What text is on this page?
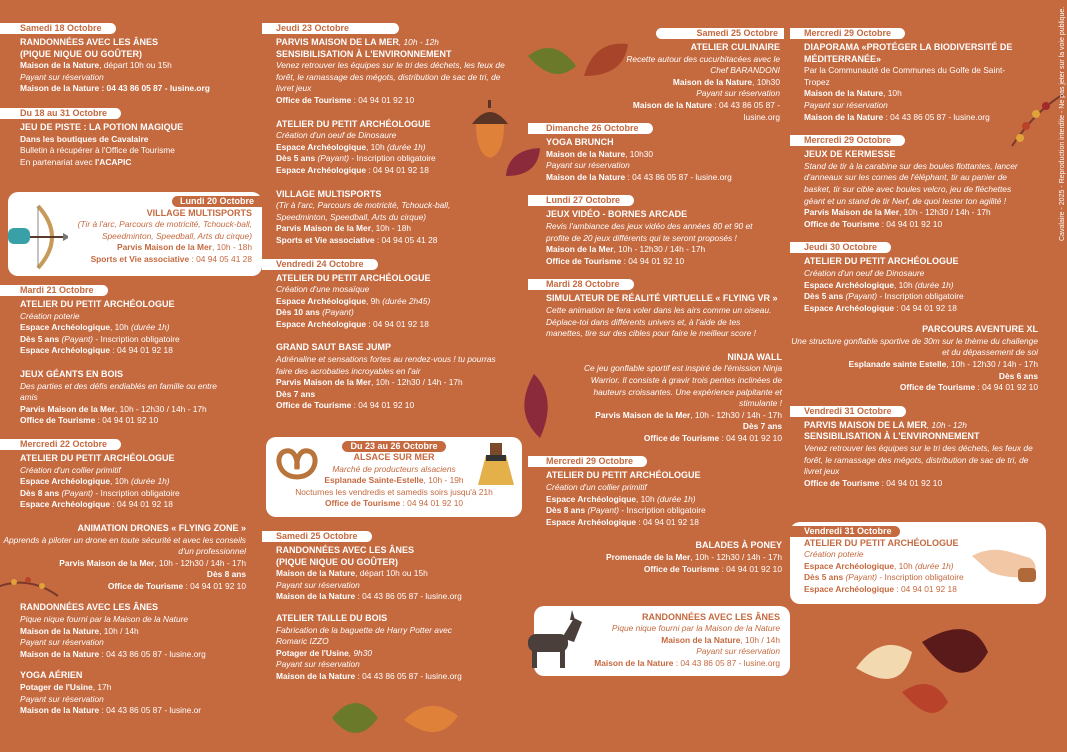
Samedi 18 Octobre
RANDONNÉES AVEC LES ÂNES
(PIQUE NIQUE OU GOÛTER)
Maison de la Nature, départ 10h ou 15h
Payant sur réservation
Maison de la Nature : 04 43 86 05 87 - lusine.org
Du 18 au 31 Octobre
JEU DE PISTE : LA POTION MAGIQUE
Dans les boutiques de Cavalaire
Bulletin à récupérer à l'Office de Tourisme
En partenariat avec l'ACAPIC
Lundi 20 Octobre
VILLAGE MULTISPORTS
(Tir à l'arc, Parcours de motricité, Tchouck-ball, Speedminton, Speedball, Arts du cirque)
Parvis Maison de la Mer, 10h - 18h
Sports et Vie associative : 04 94 05 41 28
Mardi 21 Octobre
ATELIER DU PETIT ARCHÉOLOGUE
Création poterie
Espace Archéologique, 10h (durée 1h)
Dès 5 ans (Payant) - Inscription obligatoire
Espace Archéologique : 04 94 01 92 18
JEUX GÉANTS EN BOIS
Des parties et des défis endiablés en famille ou entre amis
Parvis Maison de la Mer, 10h - 12h30 / 14h - 17h
Office de Tourisme : 04 94 01 92 10
Mercredi 22 Octobre
ATELIER DU PETIT ARCHÉOLOGUE
Création d'un collier primitif
Espace Archéologique, 10h (durée 1h)
Dès 8 ans (Payant) - Inscription obligatoire
Espace Archéologique : 04 94 01 92 18
ANIMATION DRONES « FLYING ZONE »
Apprends à piloter un drone en toute sécurité et avec les conseils d'un professionnel
Parvis Maison de la Mer, 10h - 12h30 / 14h - 17h
Dès 8 ans
Office de Tourisme : 04 94 01 92 10
RANDONNÉES AVEC LES ÂNES
Pique nique fourni par la Maison de la Nature
Maison de la Nature, 10h / 14h
Payant sur réservation
Maison de la Nature : 04 43 86 05 87 - lusine.org
YOGA AÉRIEN
Potager de l'Usine, 17h
Payant sur réservation
Maison de la Nature : 04 43 86 05 87 - lusine.or
Jeudi 23 Octobre
PARVIS MAISON DE LA MER, 10h - 12h
SENSIBILISATION À L'ENVIRONNEMENT
Venez retrouver les équipes sur le tri des déchets, les feux de forêt, le ramassage des mégots, distribution de sac de tri, de livret jeux
Office de Tourisme : 04 94 01 92 10
ATELIER DU PETIT ARCHÉOLOGUE
Création d'un oeuf de Dinosaure
Espace Archéologique, 10h (durée 1h)
Dès 5 ans (Payant) - Inscription obligatoire
Espace Archéologique : 04 94 01 92 18
VILLAGE MULTISPORTS
(Tir à l'arc, Parcours de motricité, Tchouck-ball, Speedminton, Speedball, Arts du cirque)
Parvis Maison de la Mer, 10h - 18h
Sports et Vie associative : 04 94 05 41 28
Vendredi 24 Octobre
ATELIER DU PETIT ARCHÉOLOGUE
Création d'une mosaïque
Espace Archéologique, 9h (durée 2h45)
Dès 10 ans (Payant)
Espace Archéologique : 04 94 01 92 18
GRAND SAUT BASE JUMP
Adrénaline et sensations fortes au rendez-vous ! tu pourras faire des acrobaties incroyables en l'air
Parvis Maison de la Mer, 10h - 12h30 / 14h - 17h
Dès 7 ans
Office de Tourisme : 04 94 01 92 10
Du 23 au 26 Octobre
ALSACE SUR MER
Marché de producteurs alsaciens
Esplanade Sainte-Estelle, 10h - 19h
Nocturnes les vendredis et samedis soirs jusqu'à 21h
Office de Tourisme : 04 94 01 92 10
Samedi 25 Octobre
RANDONNÉES AVEC LES ÂNES
(PIQUE NIQUE OU GOÛTER)
Maison de la Nature, départ 10h ou 15h
Payant sur réservation
Maison de la Nature : 04 43 86 05 87 - lusine.org
ATELIER TAILLE DU BOIS
Fabrication de la baguette de Harry Potter avec Romaric IZZO
Potager de l'Usine, 9h30
Payant sur réservation
Maison de la Nature : 04 43 86 05 87 - lusine.org
Samedi 25 Octobre
ATELIER CULINAIRE
Recette autour des cucurbitacées avec le Chef BARANDONI
Maison de la Nature, 10h30
Payant sur réservation
Maison de la Nature : 04 43 86 05 87 - lusine.org
Dimanche 26 Octobre
YOGA BRUNCH
Maison de la Nature, 10h30
Payant sur réservation
Maison de la Nature : 04 43 86 05 87 - lusine.org
Lundi 27 Octobre
JEUX VIDÉO - BORNES ARCADE
Revis l'ambiance des jeux vidéo des années 80 et 90 et profite de 20 jeux différents qui te seront proposés !
Maison de la Mer, 10h - 12h30 / 14h - 17h
Office de Tourisme : 04 94 01 92 10
Mardi 28 Octobre
SIMULATEUR DE RÉALITÉ VIRTUELLE « FLYING VR »
Cette animation te fera voler dans les airs comme un oiseau. Déplace-toi dans différents univers et, à l'aide de tes manettes, tire sur des cibles pour faire le meilleur score !
NINJA WALL
Ce jeu gonflable sportif est inspiré de l'émission Ninja Warrior. Il consiste à gravir trois pentes inclinées de hauteurs croissantes. Une expérience palpitante et stimulante !
Parvis Maison de la Mer, 10h - 12h30 / 14h - 17h
Dès 7 ans
Office de Tourisme : 04 94 01 92 10
Mercredi 29 Octobre
ATELIER DU PETIT ARCHÉOLOGUE
Création d'un collier primitif
Espace Archéologique, 10h (durée 1h)
Dès 8 ans (Payant) - Inscription obligatoire
Espace Archéologique : 04 94 01 92 18
BALADES À PONEY
Promenade de la Mer, 10h - 12h30 / 14h - 17h
Office de Tourisme : 04 94 01 92 10
RANDONNÉES AVEC LES ÂNES
Pique nique fourni par la Maison de la Nature
Maison de la Nature, 10h / 14h
Payant sur réservation
Maison de la Nature : 04 43 86 05 87 - lusine.org
Mercredi 29 Octobre
DIAPORAMA «PROTÉGER LA BIODIVERSITÉ DE MÉDITERRANÉE»
Par la Communauté de Communes du Golfe de Saint-Tropez
Maison de la Nature, 10h
Payant sur réservation
Maison de la Nature : 04 43 86 05 87 - lusine.org
Mercredi 29 Octobre
JEUX DE KERMESSE
Stand de tir à la carabine sur des boules flottantes, lancer d'anneaux sur les cornes de l'éléphant, tir au panier de basket, tir sur cible avec boules velcro, jeu de fléchettes géant et un stand de tir Nerf, de quoi tester ton agilité !
Parvis Maison de la Mer, 10h - 12h30 / 14h - 17h
Office de Tourisme : 04 94 01 92 10
Jeudi 30 Octobre
ATELIER DU PETIT ARCHÉOLOGUE
Création d'un oeuf de Dinosaure
Espace Archéologique, 10h (durée 1h)
Dès 5 ans (Payant) - Inscription obligatoire
Espace Archéologique : 04 94 01 92 18
PARCOURS AVENTURE XL
Une structure gonflable sportive de 30m sur le thème du challenge et du dépassement de soi
Esplanade sainte Estelle, 10h - 12h30 / 14h - 17h
Dès 6 ans
Office de Tourisme : 04 94 01 92 10
Vendredi 31 Octobre
PARVIS MAISON DE LA MER, 10h - 12h
SENSIBILISATION À L'ENVIRONNEMENT
Venez retrouver les équipes sur le tri des déchets, les feux de forêt, le ramassage des mégots, distribution de sac de tri, de livret jeux
Office de Tourisme : 04 94 01 92 10
Vendredi 31 Octobre
ATELIER DU PETIT ARCHÉOLOGUE
Création poterie
Espace Archéologique, 10h (durée 1h)
Dès 5 ans (Payant) - Inscription obligatoire
Espace Archéologique : 04 94 01 92 18
Cavalaire - 2025 - Reproduction interdite - Ne pas jeter sur la voie publique.
